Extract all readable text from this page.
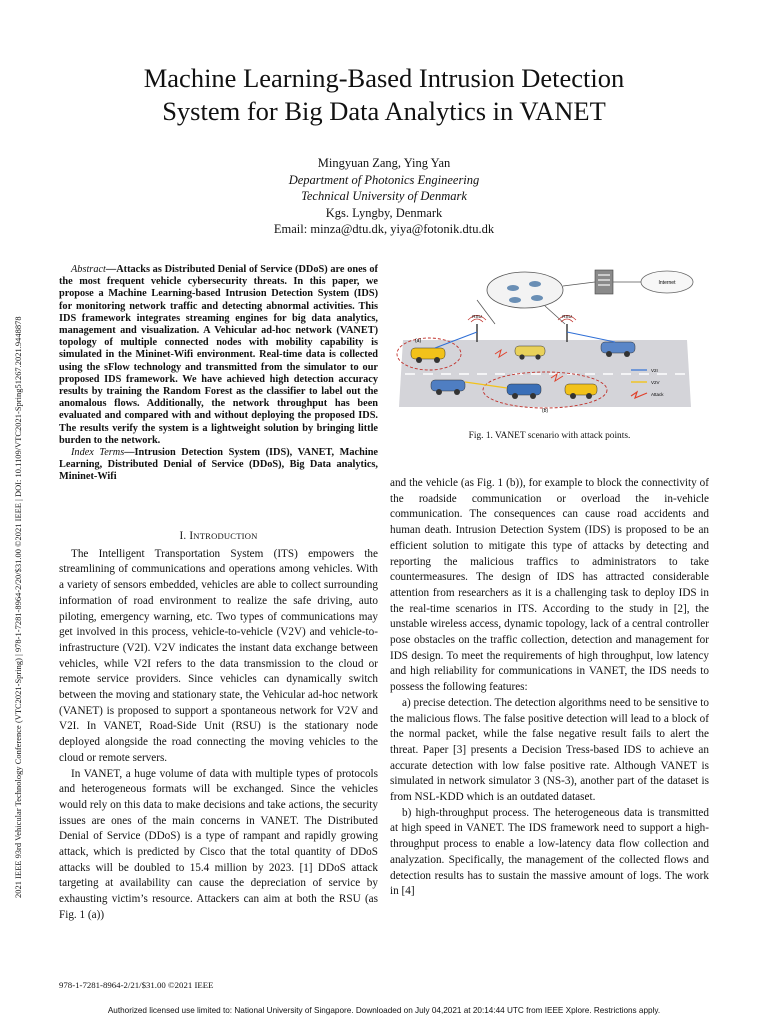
2021 IEEE 93rd Vehicular Technology Conference (VTC2021-Spring) | 978-1-7281-8964-2/20/$31.00 ©2021 IEEE | DOI: 10.1109/VTC2021-Spring51267.2021.9448878
Machine Learning-Based Intrusion Detection
System for Big Data Analytics in VANET
Mingyuan Zang, Ying Yan
Department of Photonics Engineering
Technical University of Denmark
Kgs. Lyngby, Denmark
Email: minza@dtu.dk, yiya@fotonik.dtu.dk

Abstract—Attacks as Distributed Denial of Service (DDoS) are ones of the most frequent vehicle cybersecurity threats. In this paper, we propose a Machine Learning-based Intrusion Detection System (IDS) for monitoring network traffic and detecting abnormal activities. This IDS framework integrates streaming engines for big data analytics, management and visualization. A Vehicular ad-hoc network (VANET) topology of multiple connected nodes with mobility capability is simulated in the Mininet-Wifi environment. Real-time data is collected using the sFlow technology and transmitted from the simulator to our proposed IDS framework. We have achieved high detection accuracy results by training the Random Forest as the classifier to label out the anomalous flows. Additionally, the network throughput has been evaluated and compared with and without deploying the proposed IDS. The results verify the system is a lightweight solution by bringing little burden to the network.

Index Terms—Intrusion Detection System (IDS), VANET, Machine Learning, Distributed Denial of Service (DDoS), Big Data analytics, Mininet-Wifi

I. INTRODUCTION

The Intelligent Transportation System (ITS) empowers the streamlining of communications and operations among vehicles. With a variety of sensors embedded, vehicles are able to collect surrounding information of road environment to realize the safe driving, auto piloting, emergency warning, etc. Two types of communications may get involved in this process, vehicle-to-vehicle (V2V) and vehicle-to-infrastructure (V2I). V2V indicates the instant data exchange between vehicles, while V2I refers to the data transmission to the cloud or remote service providers. Since vehicles can dynamically switch between the moving and stationary state, the Vehicular ad-hoc network (VANET) is proposed to support a spontaneous network for V2V and V2I. In VANET, Road-Side Unit (RSU) is the stationary node deployed alongside the road connecting the moving vehicles to the cloud or remote servers.

In VANET, a huge volume of data with multiple types of protocols and heterogeneous formats will be exchanged. Since the vehicles would rely on this data to make decisions and take actions, the security issues are ones of the main concerns in VANET. The Distributed Denial of Service (DDoS) is a type of rampant and rapidly growing attack, which is predicted by Cisco that the total quantity of DDoS attacks will be doubled to 15.4 million by 2023. [1] DDoS attack targeting at availability can cause the depreciation of service by exhausting victim’s resource. Attackers can aim at both the RSU (as Fig. 1 (a))

Internet
RSU	RSU
(a)
(b)
V2I
V2V
Attack
Fig. 1. VANET scenario with attack points.

and the vehicle (as Fig. 1 (b)), for example to block the connectivity of the roadside communication or overload the in-vehicle communication. The consequences can cause road accidents and human death. Intrusion Detection System (IDS) is proposed to be an efficient solution to mitigate this type of attacks by detecting and reporting the malicious traffics to administrators to take countermeasures. The design of IDS has attracted considerable attention from researchers as it is a challenging task to deploy IDS in the real-time scenarios in ITS. According to the study in [2], the unstable wireless access, dynamic topology, lack of a central controller pose obstacles on the traffic collection, detection and management for IDS design. To meet the requirements of high throughput, low latency and high reliability for communications in VANET, the IDS needs to possess the following features:

a) precise detection. The detection algorithms need to be sensitive to the malicious flows. The false positive detection will lead to a block of the normal packet, while the false negative result fails to alert the threat. Paper [3] presents a Decision Tress-based IDS to achieve an accurate detection with low false positive rate. Although VANET is simulated in network simulator 3 (NS-3), another part of the dataset is from NSL-KDD which is an outdated dataset.

b) high-throughput process. The heterogeneous data is transmitted at high speed in VANET. The IDS framework need to support a high-throughput process to enable a low-latency data flow collection and analyzation. Specifically, the management of the collected flows and detection results has to sustain the massive amount of logs. The work in [4]

978-1-7281-8964-2/21/$31.00 ©2021 IEEE
Authorized licensed use limited to: National University of Singapore. Downloaded on July 04,2021 at 20:14:44 UTC from IEEE Xplore. Restrictions apply.
